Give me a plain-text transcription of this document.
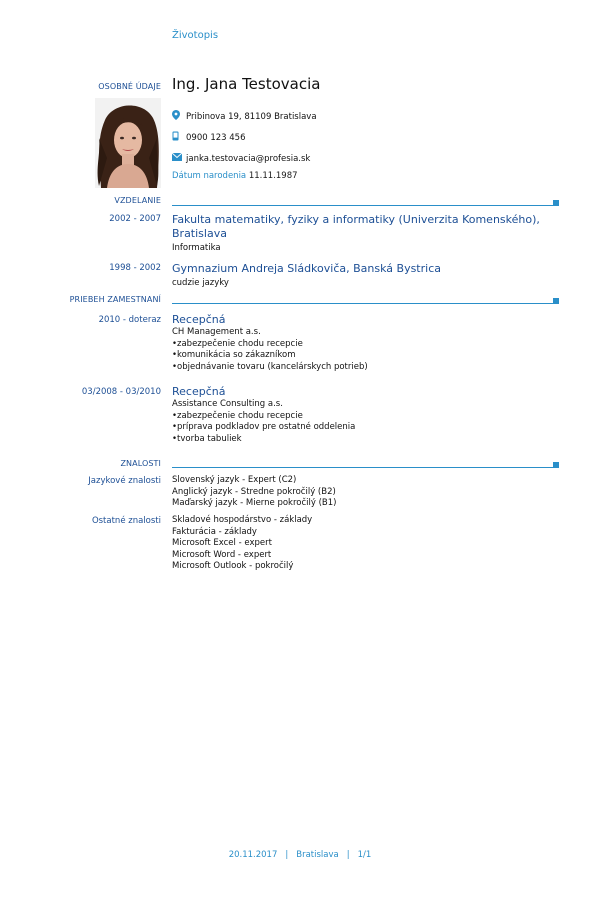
Životopis
OSOBNÉ ÚDAJE Ing. Jana Testovacia
Pribinova 19, 81109 Bratislava
0900 123 456
janka.testovacia@profesia.sk
Dátum narodenia 11.11.1987
VZDELANIE
2002 - 2007 Fakulta matematiky, fyziky a informatiky (Univerzita Komenského), Bratislava
Informatika
1998 - 2002 Gymnazium Andreja Sládkoviča, Banská Bystrica
cudzie jazyky
PRIEBEH ZAMESTNANÍ
2010 - doteraz Recepčná
CH Management a.s.
• zabezpečenie chodu recepcie
• komunikácia so zákazníkom
• objednávanie tovaru (kancelárskych potrieb)
03/2008 - 03/2010 Recepčná
Assistance Consulting a.s.
• zabezpečenie chodu recepcie
• príprava podkladov pre ostatné oddelenia
• tvorba tabuliek
ZNALOSTI
Jazykové znalosti Slovenský jazyk - Expert (C2)
Anglický jazyk - Stredne pokročilý (B2)
Maďarský jazyk - Mierne pokročilý (B1)
Ostatné znalosti Skladové hospodárstvo - základy
Fakturácia - základy
Microsoft Excel - expert
Microsoft Word - expert
Microsoft Outlook - pokročilý
20.11.2017 | Bratislava | 1/1
